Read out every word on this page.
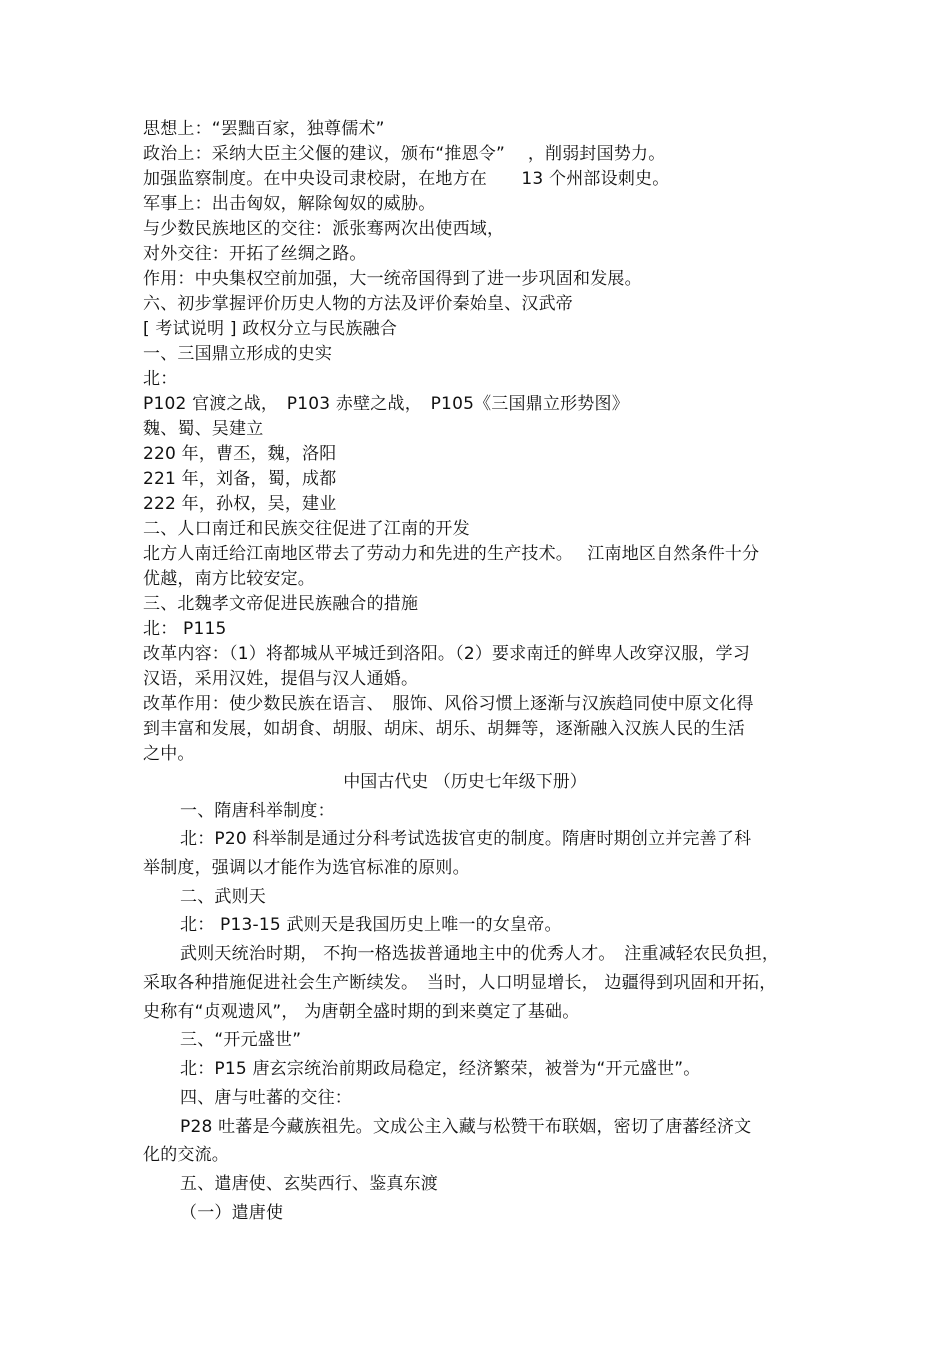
思想上：“罢黜百家，独尊儒术”
政治上：采纳大臣主父偃的建议，颁布“推恩令”　 ，削弱封国势力。
加强监察制度。在中央设司隶校尉，在地方在　　13 个州部设刺史。
军事上：出击匈奴，解除匈奴的威胁。
与少数民族地区的交往：派张骞两次出使西域，
对外交往：开拓了丝绸之路。
作用：中央集权空前加强，大一统帝国得到了进一步巩固和发展。
六、初步掌握评价历史人物的方法及评价秦始皇、汉武帝
[ 考试说明 ] 政权分立与民族融合
一、三国鼎立形成的史实
北：
P102 官渡之战，　P103 赤壁之战，　P105《三国鼎立形势图》
魏、蜀、吴建立
220 年，曹丕，魏，洛阳
221 年，刘备，蜀，成都
222 年，孙权，吴，建业
二、人口南迁和民族交往促进了江南的开发
北方人南迁给江南地区带去了劳动力和先进的生产技术。　 江南地区自然条件十分
优越，南方比较安定。
三、北魏孝文帝促进民族融合的措施
北： P115
改革内容：（1）将都城从平城迁到洛阳。（2）要求南迁的鲜卑人改穿汉服，学习
汉语，采用汉姓，提倡与汉人通婚。
改革作用：使少数民族在语言、　服饰、风俗习惯上逐渐与汉族趋同使中原文化得
到丰富和发展，如胡食、胡服、胡床、胡乐、胡舞等，逐渐融入汉族人民的生活
之中。
中国古代史 （历史七年级下册）
一、隋唐科举制度：
北：P20 科举制是通过分科考试选拔官吏的制度。隋唐时期创立并完善了科
举制度，强调以才能作为选官标准的原则。
二、武则天
北： P13-15 武则天是我国历史上唯一的女皇帝。
武则天统治时期， 不拘一格选拔普通地主中的优秀人才。　注重减轻农民负担，
采取各种措施促进社会生产断续发。　当时，人口明显增长， 边疆得到巩固和开拓，
史称有“贞观遗风”， 为唐朝全盛时期的到来奠定了基础。
三、“开元盛世”
北：P15 唐玄宗统治前期政局稳定，经济繁荣，被誉为“开元盛世”。
四、唐与吐蕃的交往：
P28 吐蕃是今藏族祖先。文成公主入藏与松赞干布联姻，密切了唐蕃经济文
化的交流。
五、遣唐使、玄奘西行、鉴真东渡
（一）遣唐使
